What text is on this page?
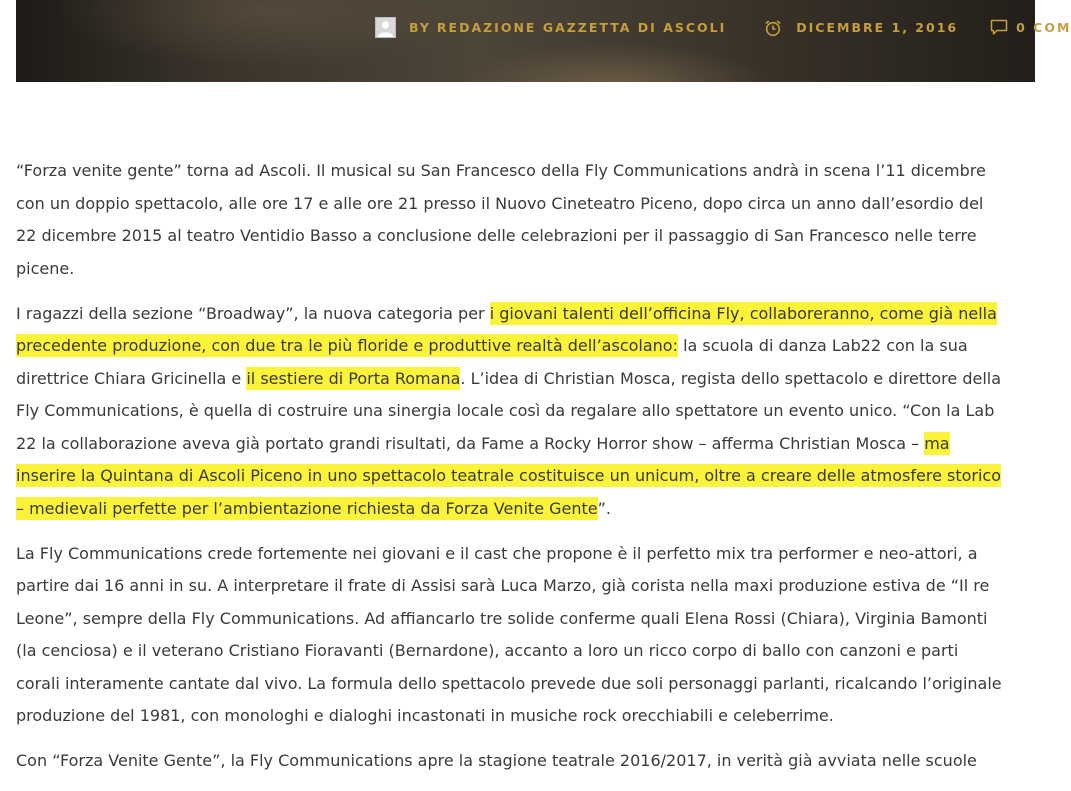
BY REDAZIONE GAZZETTA DI ASCOLI	DICEMBRE 1, 2016	0 COM

“Forza venite gente” torna ad Ascoli. Il musical su San Francesco della Fly Communications andrà in scena l’11 dicembre con un doppio spettacolo, alle ore 17 e alle ore 21 presso il Nuovo Cineteatro Piceno, dopo circa un anno dall’esordio del 22 dicembre 2015 al teatro Ventidio Basso a conclusione delle celebrazioni per il passaggio di San Francesco nelle terre picene.

I ragazzi della sezione “Broadway”, la nuova categoria per i giovani talenti dell’officina Fly, collaboreranno, come già nella precedente produzione, con due tra le più floride e produttive realtà dell’ascolano: la scuola di danza Lab22 con la sua direttrice Chiara Gricinella e il sestiere di Porta Romana. L’idea di Christian Mosca, regista dello spettacolo e direttore della Fly Communications, è quella di costruire una sinergia locale così da regalare allo spettatore un evento unico. “Con la Lab 22 la collaborazione aveva già portato grandi risultati, da Fame a Rocky Horror show – afferma Christian Mosca – ma inserire la Quintana di Ascoli Piceno in uno spettacolo teatrale costituisce un unicum, oltre a creare delle atmosfere storico – medievali perfette per l’ambientazione richiesta da Forza Venite Gente”.

La Fly Communications crede fortemente nei giovani e il cast che propone è il perfetto mix tra performer e neo-attori, a partire dai 16 anni in su. A interpretare il frate di Assisi sarà Luca Marzo, già corista nella maxi produzione estiva de “Il re Leone”, sempre della Fly Communications. Ad affiancarlo tre solide conferme quali Elena Rossi (Chiara), Virginia Bamonti (la cenciosa) e il veterano Cristiano Fioravanti (Bernardone), accanto a loro un ricco corpo di ballo con canzoni e parti corali interamente cantate dal vivo. La formula dello spettacolo prevede due soli personaggi parlanti, ricalcando l’originale produzione del 1981, con monologhi e dialoghi incastonati in musiche rock orecchiabili e celeberrime.

Con “Forza Venite Gente”, la Fly Communications apre la stagione teatrale 2016/2017, in verità già avviata nelle scuole
